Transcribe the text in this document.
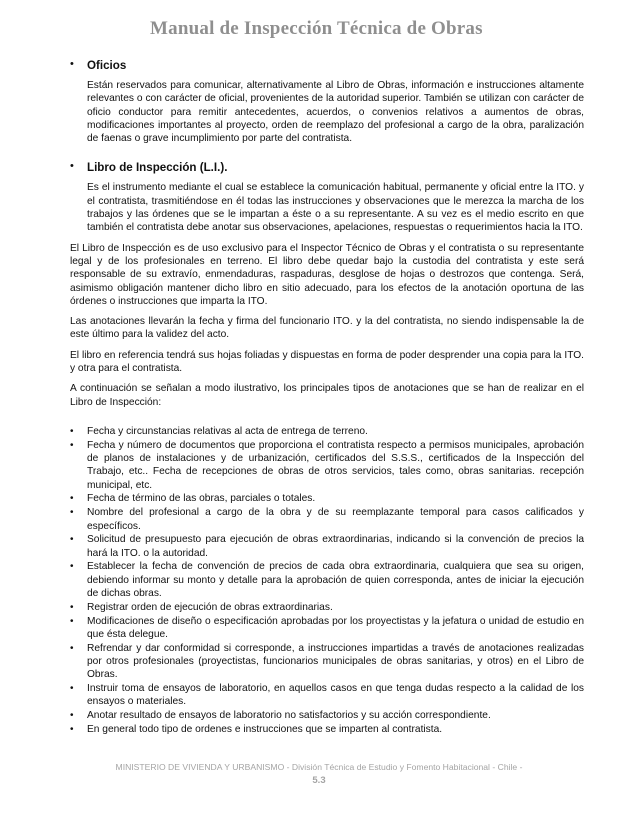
Manual de Inspección Técnica de Obras
• Oficios
Están reservados para comunicar, alternativamente al Libro de Obras, información e instrucciones altamente relevantes o con carácter de oficial, provenientes de la autoridad superior. También se utilizan con carácter de oficio conductor para remitir antecedentes, acuerdos, o convenios relativos a aumentos de obras, modificaciones importantes al proyecto, orden de reemplazo del profesional a cargo de la obra, paralización de faenas o grave incumplimiento por parte del contratista.
• Libro de Inspección (L.I.).
Es el instrumento mediante el cual se establece la comunicación habitual, permanente y oficial entre la ITO. y el contratista, trasmitiéndose en él todas las instrucciones y observaciones que le merezca la marcha de los trabajos y las órdenes que se le impartan a éste o a su representante. A su vez es el medio escrito en que también el contratista debe anotar sus observaciones, apelaciones, respuestas o requerimientos hacia la ITO.

El Libro de Inspección es de uso exclusivo para el Inspector Técnico de Obras y el contratista o su representante legal y de los profesionales en terreno. El libro debe quedar bajo la custodia del contratista y este será responsable de su extravío, enmendaduras, raspaduras, desglose de hojas o destrozos que contenga. Será, asimismo obligación mantener dicho libro en sitio adecuado, para los efectos de la anotación oportuna de las órdenes o instrucciones que imparta la ITO.

Las anotaciones llevarán la fecha y firma del funcionario ITO. y la del contratista, no siendo indispensable la de este último para la validez del acto.

El libro en referencia tendrá sus hojas foliadas y dispuestas en forma de poder desprender una copia para la ITO. y otra para el contratista.

A continuación se señalan a modo ilustrativo, los principales tipos de anotaciones que se han de realizar en el Libro de Inspección:

• Fecha y circunstancias relativas al acta de entrega de terreno.
• Fecha y número de documentos que proporciona el contratista respecto a permisos municipales, aprobación de planos de instalaciones y de urbanización, certificados del S.S.S., certificados de la Inspección del Trabajo, etc.. Fecha de recepciones de obras de otros servicios, tales como, obras sanitarias. recepción municipal, etc.
• Fecha de término de las obras, parciales o totales.
• Nombre del profesional a cargo de la obra y de su reemplazante temporal para casos calificados y específicos.
• Solicitud de presupuesto para ejecución de obras extraordinarias, indicando si la convención de precios la hará la ITO. o la autoridad.
• Establecer la fecha de convención de precios de cada obra extraordinaria, cualquiera que sea su origen, debiendo informar su monto y detalle para la aprobación de quien corresponda, antes de iniciar la ejecución de dichas obras.
• Registrar orden de ejecución de obras extraordinarias.
• Modificaciones de diseño o especificación aprobadas por los proyectistas y la jefatura o unidad de estudio en que ésta delegue.
• Refrendar y dar conformidad si corresponde, a instrucciones impartidas a través de anotaciones realizadas por otros profesionales (proyectistas, funcionarios municipales de obras sanitarias, y otros) en el Libro de Obras.
• Instruir toma de ensayos de laboratorio, en aquellos casos en que tenga dudas respecto a la calidad de los ensayos o materiales.
• Anotar resultado de ensayos de laboratorio no satisfactorios y su acción correspondiente.
• En general todo tipo de ordenes e instrucciones que se imparten al contratista.
MINISTERIO DE VIVIENDA Y URBANISMO - División Técnica de Estudio y Fomento Habitacional - Chile -
5.3
